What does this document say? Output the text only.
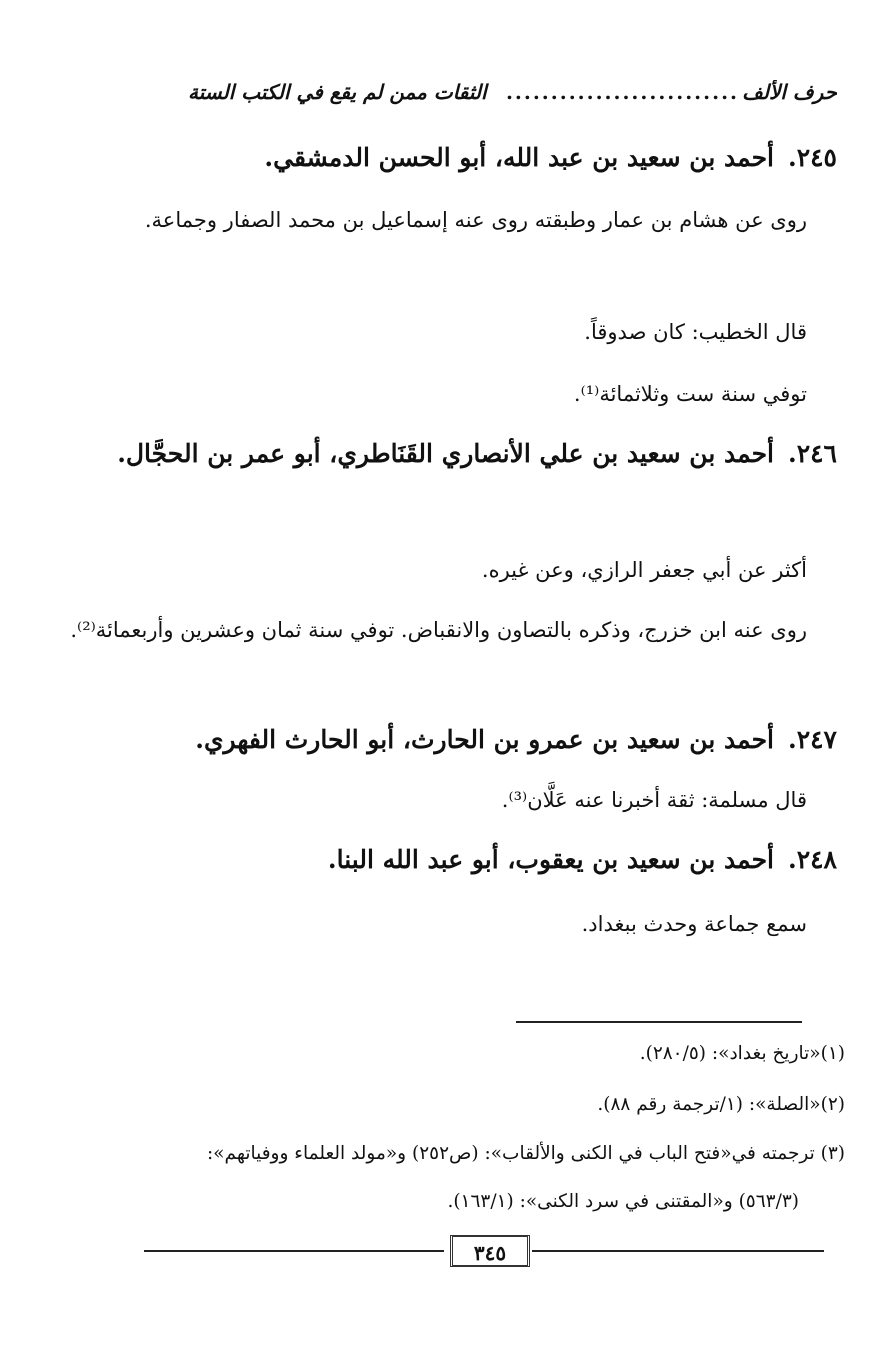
حرف الألف
..........................
الثقات ممن لم يقع في الكتب الستة
٢٤٥.أحمد بن سعيد بن عبد الله، أبو الحسن الدمشقي.
روى عن هشام بن عمار وطبقته روى عنه إسماعيل بن محمد الصفار وجماعة.
قال الخطيب: كان صدوقاً.
توفي سنة ست وثلاثمائة⁽¹⁾.
٢٤٦.أحمد بن سعيد بن علي الأنصاري القَنَاطري، أبو عمر بن الحجَّال.
أكثر عن أبي جعفر الرازي، وعن غيره.
روى عنه ابن خزرج، وذكره بالتصاون والانقباض. توفي سنة ثمان وعشرين وأربعمائة⁽²⁾.
٢٤٧.أحمد بن سعيد بن عمرو بن الحارث، أبو الحارث الفهري.
قال مسلمة: ثقة أخبرنا عنه عَلَّان⁽³⁾.
٢٤٨.أحمد بن سعيد بن يعقوب، أبو عبد الله البنا.
سمع جماعة وحدث ببغداد.
(١)«تاريخ بغداد»: (٢٨٠/٥).
(٢)«الصلة»: (١/ترجمة رقم ٨٨).
(٣) ترجمته في«فتح الباب في الكنى والألقاب»: (ص٢٥٢) و«مولد العلماء ووفياتهم»:
(٥٦٣/٣) و«المقتنى في سرد الكنى»: (١٦٣/١).
٣٤٥
